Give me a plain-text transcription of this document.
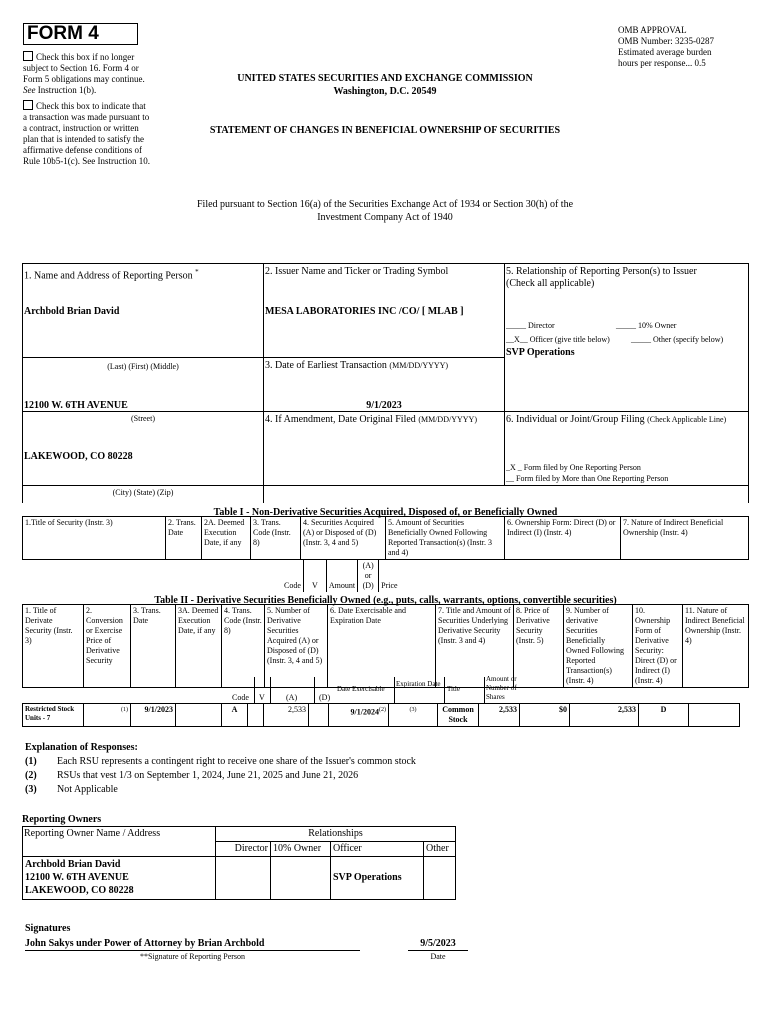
FORM 4
Check this box if no longer subject to Section 16. Form 4 or Form 5 obligations may continue. See Instruction 1(b).
Check this box to indicate that a transaction was made pursuant to a contract, instruction or written plan that is intended to satisfy the affirmative defense conditions of Rule 10b5-1(c). See Instruction 10.
UNITED STATES SECURITIES AND EXCHANGE COMMISSION
Washington, D.C. 20549
STATEMENT OF CHANGES IN BENEFICIAL OWNERSHIP OF SECURITIES
Filed pursuant to Section 16(a) of the Securities Exchange Act of 1934 or Section 30(h) of the
Investment Company Act of 1940
OMB APPROVAL
OMB Number: 3235-0287
Estimated average burden
hours per response... 0.5
1. Name and Address of Reporting Person *
Archbold Brian David
(Last) (First) (Middle)
12100 W. 6TH AVENUE
(Street)
LAKEWOOD, CO 80228
(City) (State) (Zip)
2. Issuer Name and Ticker or Trading Symbol
MESA LABORATORIES INC /CO/ [ MLAB ]
3. Date of Earliest Transaction (MM/DD/YYYY)
9/1/2023
4. If Amendment, Date Original Filed (MM/DD/YYYY)
5. Relationship of Reporting Person(s) to Issuer
(Check all applicable)
_____ Director	_____ 10% Owner
__X__ Officer (give title below)	_____ Other (specify below)
SVP Operations
6. Individual or Joint/Group Filing (Check Applicable Line)
_X _ Form filed by One Reporting Person
__ Form filed by More than One Reporting Person
Table I - Non-Derivative Securities Acquired, Disposed of, or Beneficially Owned
1.Title of Security (Instr. 3)	2. Trans. Date	2A. Deemed Execution Date, if any	3. Trans. Code (Instr. 8)	4. Securities Acquired (A) or Disposed of (D) (Instr. 3, 4 and 5)	5. Amount of Securities Beneficially Owned Following Reported Transaction(s) (Instr. 3 and 4)	6. Ownership Form: Direct (D) or Indirect (I) (Instr. 4)	7. Nature of Indirect Beneficial Ownership (Instr. 4)
Code	V	Amount	(A) or (D)	Price
Table II - Derivative Securities Beneficially Owned (e.g., puts, calls, warrants, options, convertible securities)
1. Title of Derivate Security (Instr. 3)	2. Conversion or Exercise Price of Derivative Security	3. Trans. Date	3A. Deemed Execution Date, if any	4. Trans. Code (Instr. 8)	5. Number of Derivative Securities Acquired (A) or Disposed of (D) (Instr. 3, 4 and 5)	6. Date Exercisable and Expiration Date	7. Title and Amount of Securities Underlying Derivative Security (Instr. 3 and 4)	8. Price of Derivative Security (Instr. 5)	9. Number of derivative Securities Beneficially Owned Following Reported Transaction(s) (Instr. 4)	10. Ownership Form of Derivative Security: Direct (D) or Indirect (I) (Instr. 4)	11. Nature of Indirect Beneficial Ownership (Instr. 4)
Code V	(A)	(D)
Date Exercisable
Expiration Date
Title
Amount or Number of Shares
Restricted Stock Units - 7	$^{(1)}$	9/1/2023		A		2,533		9/1/2024$^{(2)}$	$^{(3)}$	Common Stock	2,533	$0	2,533	D	
Explanation of Responses:
(1) Each RSU represents a contingent right to receive one share of the Issuer's common stock
(2) RSUs that vest 1/3 on September 1, 2024, June 21, 2025 and June 21, 2026
(3) Not Applicable
Reporting Owners
Reporting Owner Name / Address	Relationships			
	Director	10% Owner	Officer	Other

Archbold Brian David
12100 W. 6TH AVENUE
LAKEWOOD, CO 80228			SVP Operations	
Signatures
John Sakys under Power of Attorney by Brian Archbold
**Signature of Reporting Person
9/5/2023
Date
